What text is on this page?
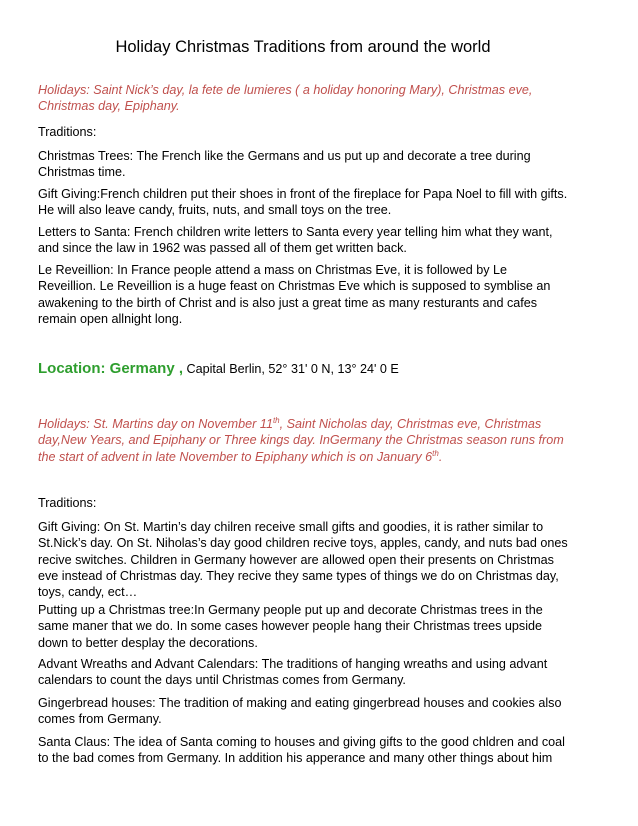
Holiday Christmas Traditions from around the world

Holidays: Saint Nick’s day, la fete de lumieres ( a holiday honoring Mary), Christmas eve, Christmas day, Epiphany.

Traditions:

Christmas Trees: The French like the Germans and us put up and decorate a tree during Christmas time.

Gift Giving:French children put their shoes in front of the fireplace for Papa Noel to fill with gifts. He will also leave candy, fruits, nuts, and small toys on the tree.

Letters to Santa: French children write letters to Santa every year telling him what they want, and since the law in 1962 was passed all of them get written back.

Le Reveillion: In France people attend a mass on Christmas Eve, it is followed by Le Reveillion. Le Reveillion is a huge feast on Christmas Eve which is supposed to symblise an awakening to the birth of Christ and is also just a great time as many resturants and cafes remain open allnight long.

Location: Germany , Capital Berlin, 52° 31' 0 N, 13° 24' 0 E

Holidays: St. Martins day on November 11th, Saint Nicholas day, Christmas eve, Christmas day,New Years, and Epiphany or Three kings day. InGermany the Christmas season runs from the start of advent in late November to Epiphany which is on January 6th.

Traditions:

Gift Giving: On St. Martin’s day chilren receive small gifts and goodies, it is rather similar to St.Nick’s day. On St. Niholas’s day good children recive toys, apples, candy, and nuts bad ones recive switches. Children in Germany however are allowed open their presents on Christmas eve instead of Christmas day. They recive they same types of things we do on Christmas day, toys, candy, ect…

Putting up a Christmas tree:In Germany people put up and decorate Christmas trees in the same maner that we do. In some cases however people hang their Christmas trees upside down to better desplay the decorations.

Advant Wreaths and Advant Calendars: The traditions of hanging wreaths and using advant calendars to count the days until Christmas comes from Germany.

Gingerbread houses: The tradition of making and eating gingerbread houses and cookies also comes from Germany.

Santa Claus: The idea of Santa coming to houses and giving gifts to the good chldren and coal to the bad comes from Germany. In addition his apperance and many other things about him
